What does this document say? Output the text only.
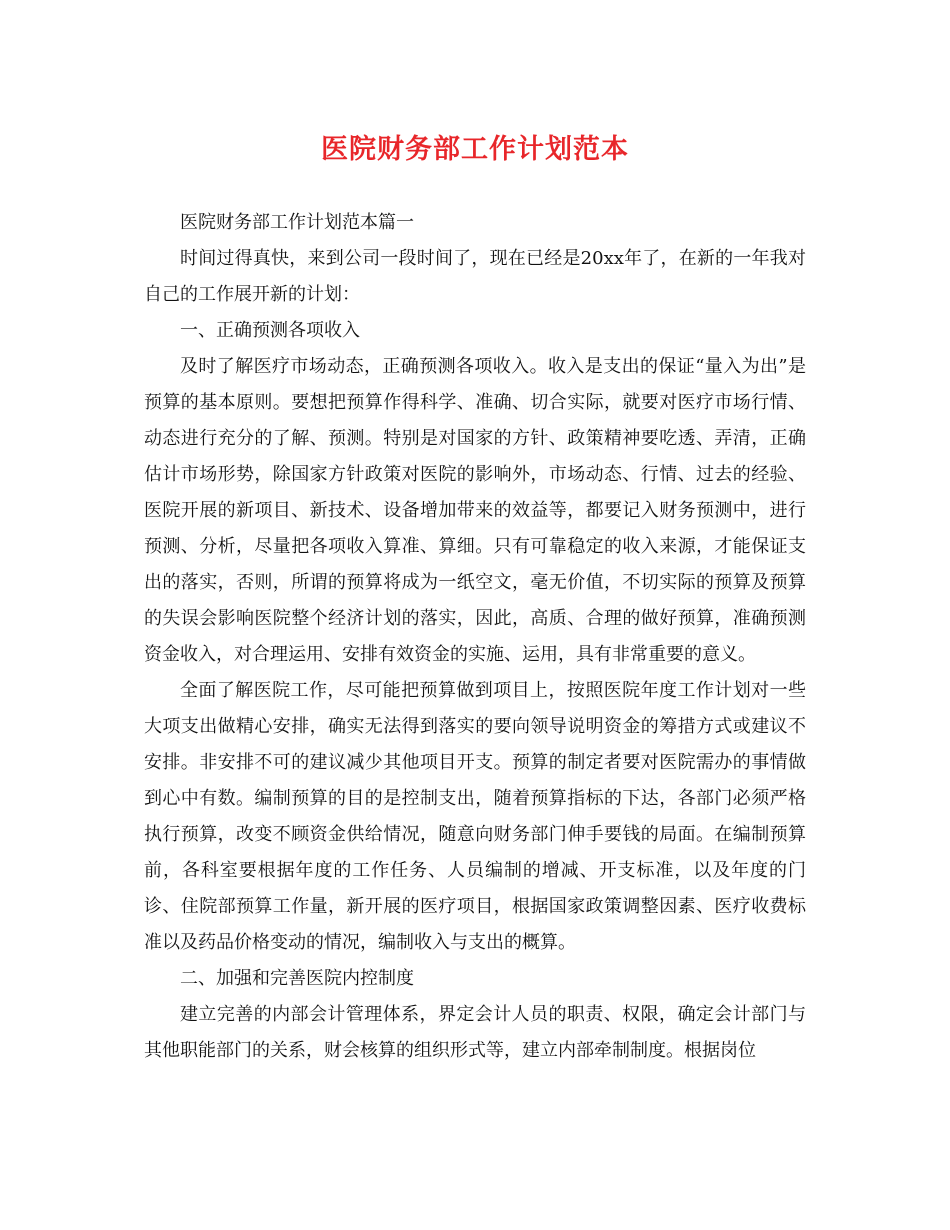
医院财务部工作计划范本

医院财务部工作计划范本篇一

时间过得真快，来到公司一段时间了，现在已经是20xx年了，在新的一年我对自己的工作展开新的计划：

一、正确预测各项收入

及时了解医疗市场动态，正确预测各项收入。收入是支出的保证“量入为出”是预算的基本原则。要想把预算作得科学、准确、切合实际，就要对医疗市场行情、动态进行充分的了解、预测。特别是对国家的方针、政策精神要吃透、弄清，正确估计市场形势，除国家方针政策对医院的影响外，市场动态、行情、过去的经验、医院开展的新项目、新技术、设备增加带来的效益等，都要记入财务预测中，进行预测、分析，尽量把各项收入算准、算细。只有可靠稳定的收入来源，才能保证支出的落实，否则，所谓的预算将成为一纸空文，毫无价值，不切实际的预算及预算的失误会影响医院整个经济计划的落实，因此，高质、合理的做好预算，准确预测资金收入，对合理运用、安排有效资金的实施、运用，具有非常重要的意义。

全面了解医院工作，尽可能把预算做到项目上，按照医院年度工作计划对一些大项支出做精心安排，确实无法得到落实的要向领导说明资金的筹措方式或建议不安排。非安排不可的建议减少其他项目开支。预算的制定者要对医院需办的事情做到心中有数。编制预算的目的是控制支出，随着预算指标的下达，各部门必须严格执行预算，改变不顾资金供给情况，随意向财务部门伸手要钱的局面。在编制预算前，各科室要根据年度的工作任务、人员编制的增减、开支标准，以及年度的门诊、住院部预算工作量，新开展的医疗项目，根据国家政策调整因素、医疗收费标准以及药品价格变动的情况，编制收入与支出的概算。

二、加强和完善医院内控制度

建立完善的内部会计管理体系，界定会计人员的职责、权限，确定会计部门与其他职能部门的关系，财会核算的组织形式等，建立内部牵制制度。根据岗位
